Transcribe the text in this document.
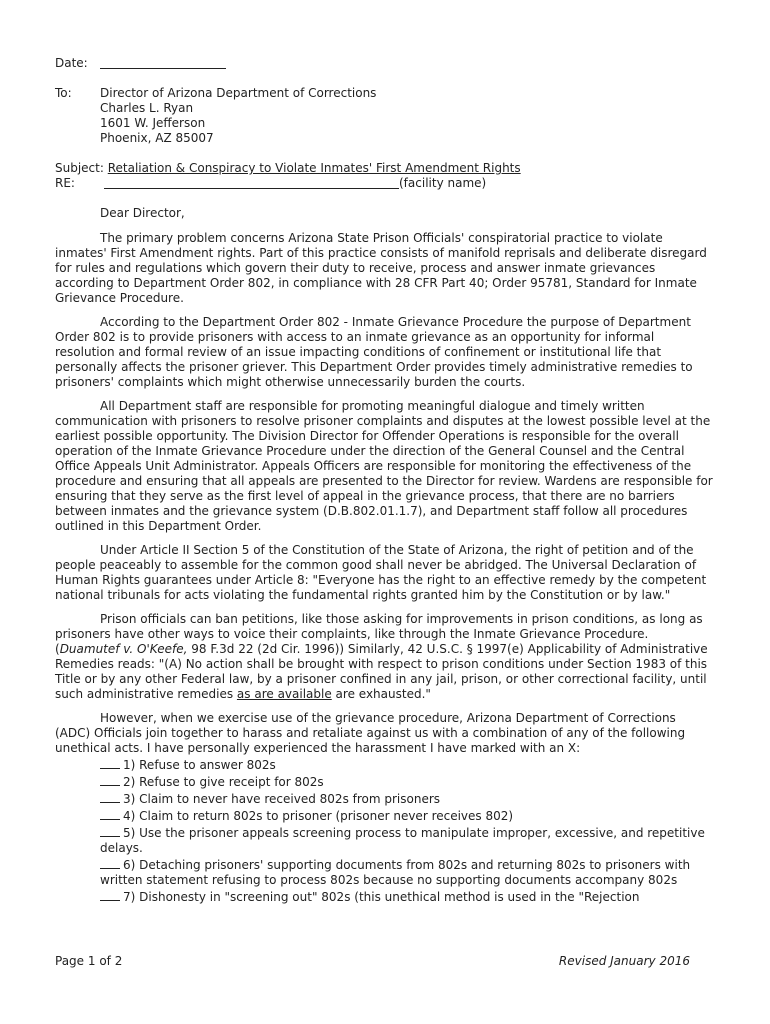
Date:
To:	Director of Arizona Department of Corrections
Charles L. Ryan
1601 W. Jefferson
Phoenix, AZ 85007
Subject: Retaliation & Conspiracy to Violate Inmates' First Amendment Rights
RE:	(facility name)

Dear Director,

The primary problem concerns Arizona State Prison Officials' conspiratorial practice to violate inmates' First Amendment rights. Part of this practice consists of manifold reprisals and deliberate disregard for rules and regulations which govern their duty to receive, process and answer inmate grievances according to Department Order 802, in compliance with 28 CFR Part 40; Order 95781, Standard for Inmate Grievance Procedure.

According to the Department Order 802 - Inmate Grievance Procedure the purpose of Department Order 802 is to provide prisoners with access to an inmate grievance as an opportunity for informal resolution and formal review of an issue impacting conditions of confinement or institutional life that personally affects the prisoner griever. This Department Order provides timely administrative remedies to prisoners' complaints which might otherwise unnecessarily burden the courts.

All Department staff are responsible for promoting meaningful dialogue and timely written communication with prisoners to resolve prisoner complaints and disputes at the lowest possible level at the earliest possible opportunity. The Division Director for Offender Operations is responsible for the overall operation of the Inmate Grievance Procedure under the direction of the General Counsel and the Central Office Appeals Unit Administrator. Appeals Officers are responsible for monitoring the effectiveness of the procedure and ensuring that all appeals are presented to the Director for review. Wardens are responsible for ensuring that they serve as the first level of appeal in the grievance process, that there are no barriers between inmates and the grievance system (D.B.802.01.1.7), and Department staff follow all procedures outlined in this Department Order.

Under Article II Section 5 of the Constitution of the State of Arizona, the right of petition and of the people peaceably to assemble for the common good shall never be abridged. The Universal Declaration of Human Rights guarantees under Article 8: "Everyone has the right to an effective remedy by the competent national tribunals for acts violating the fundamental rights granted him by the Constitution or by law."

Prison officials can ban petitions, like those asking for improvements in prison conditions, as long as prisoners have other ways to voice their complaints, like through the Inmate Grievance Procedure. (Duamutef v. O'Keefe, 98 F.3d 22 (2d Cir. 1996)) Similarly, 42 U.S.C. § 1997(e) Applicability of Administrative Remedies reads: "(A) No action shall be brought with respect to prison conditions under Section 1983 of this Title or by any other Federal law, by a prisoner confined in any jail, prison, or other correctional facility, until such administrative remedies as are available are exhausted."

However, when we exercise use of the grievance procedure, Arizona Department of Corrections (ADC) Officials join together to harass and retaliate against us with a combination of any of the following unethical acts. I have personally experienced the harassment I have marked with an X:

1) Refuse to answer 802s
2) Refuse to give receipt for 802s
3) Claim to never have received 802s from prisoners
4) Claim to return 802s to prisoner (prisoner never receives 802)
5) Use the prisoner appeals screening process to manipulate improper, excessive, and repetitive delays.
6) Detaching prisoners' supporting documents from 802s and returning 802s to prisoners with written statement refusing to process 802s because no supporting documents accompany 802s
7) Dishonesty in "screening out" 802s (this unethical method is used in the "Rejection
Page 1 of 2	Revised January 2016
